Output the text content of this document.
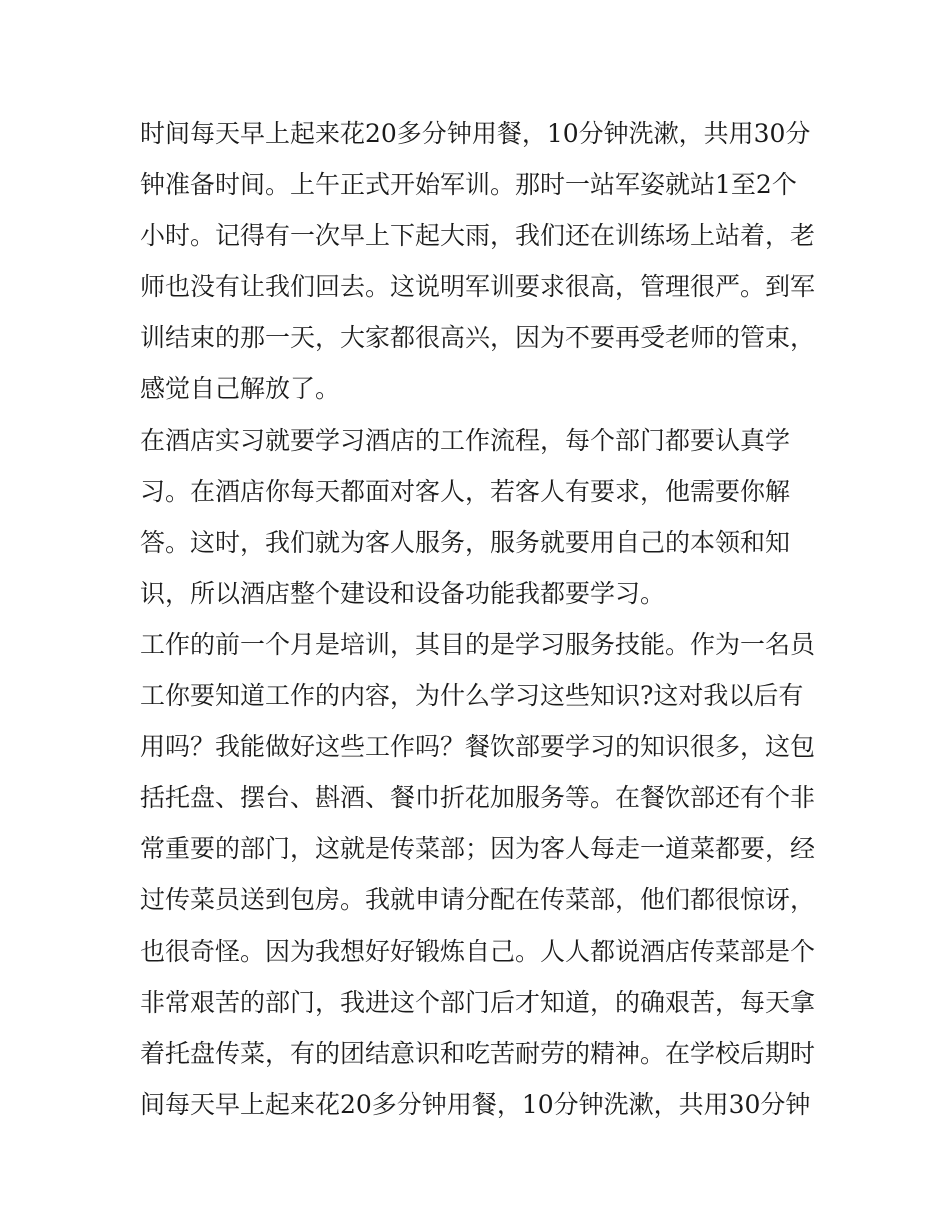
时间每天早上起来花20多分钟用餐，10分钟洗漱，共用30分
钟准备时间。上午正式开始军训。那时一站军姿就站1至2个
小时。记得有一次早上下起大雨，我们还在训练场上站着，老
师也没有让我们回去。这说明军训要求很高，管理很严。到军
训结束的那一天，大家都很高兴，因为不要再受老师的管束，
感觉自己解放了。
在酒店实习就要学习酒店的工作流程，每个部门都要认真学
习。在酒店你每天都面对客人，若客人有要求，他需要你解
答。这时，我们就为客人服务，服务就要用自己的本领和知
识，所以酒店整个建设和设备功能我都要学习。
工作的前一个月是培训，其目的是学习服务技能。作为一名员
工你要知道工作的内容，为什么学习这些知识?这对我以后有
用吗？我能做好这些工作吗？餐饮部要学习的知识很多，这包
括托盘、摆台、斟酒、餐巾折花加服务等。在餐饮部还有个非
常重要的部门，这就是传菜部；因为客人每走一道菜都要，经
过传菜员送到包房。我就申请分配在传菜部，他们都很惊讶，
也很奇怪。因为我想好好锻炼自己。人人都说酒店传菜部是个
非常艰苦的部门，我进这个部门后才知道，的确艰苦，每天拿
着托盘传菜，有的团结意识和吃苦耐劳的精神。在学校后期时
间每天早上起来花20多分钟用餐，10分钟洗漱，共用30分钟
